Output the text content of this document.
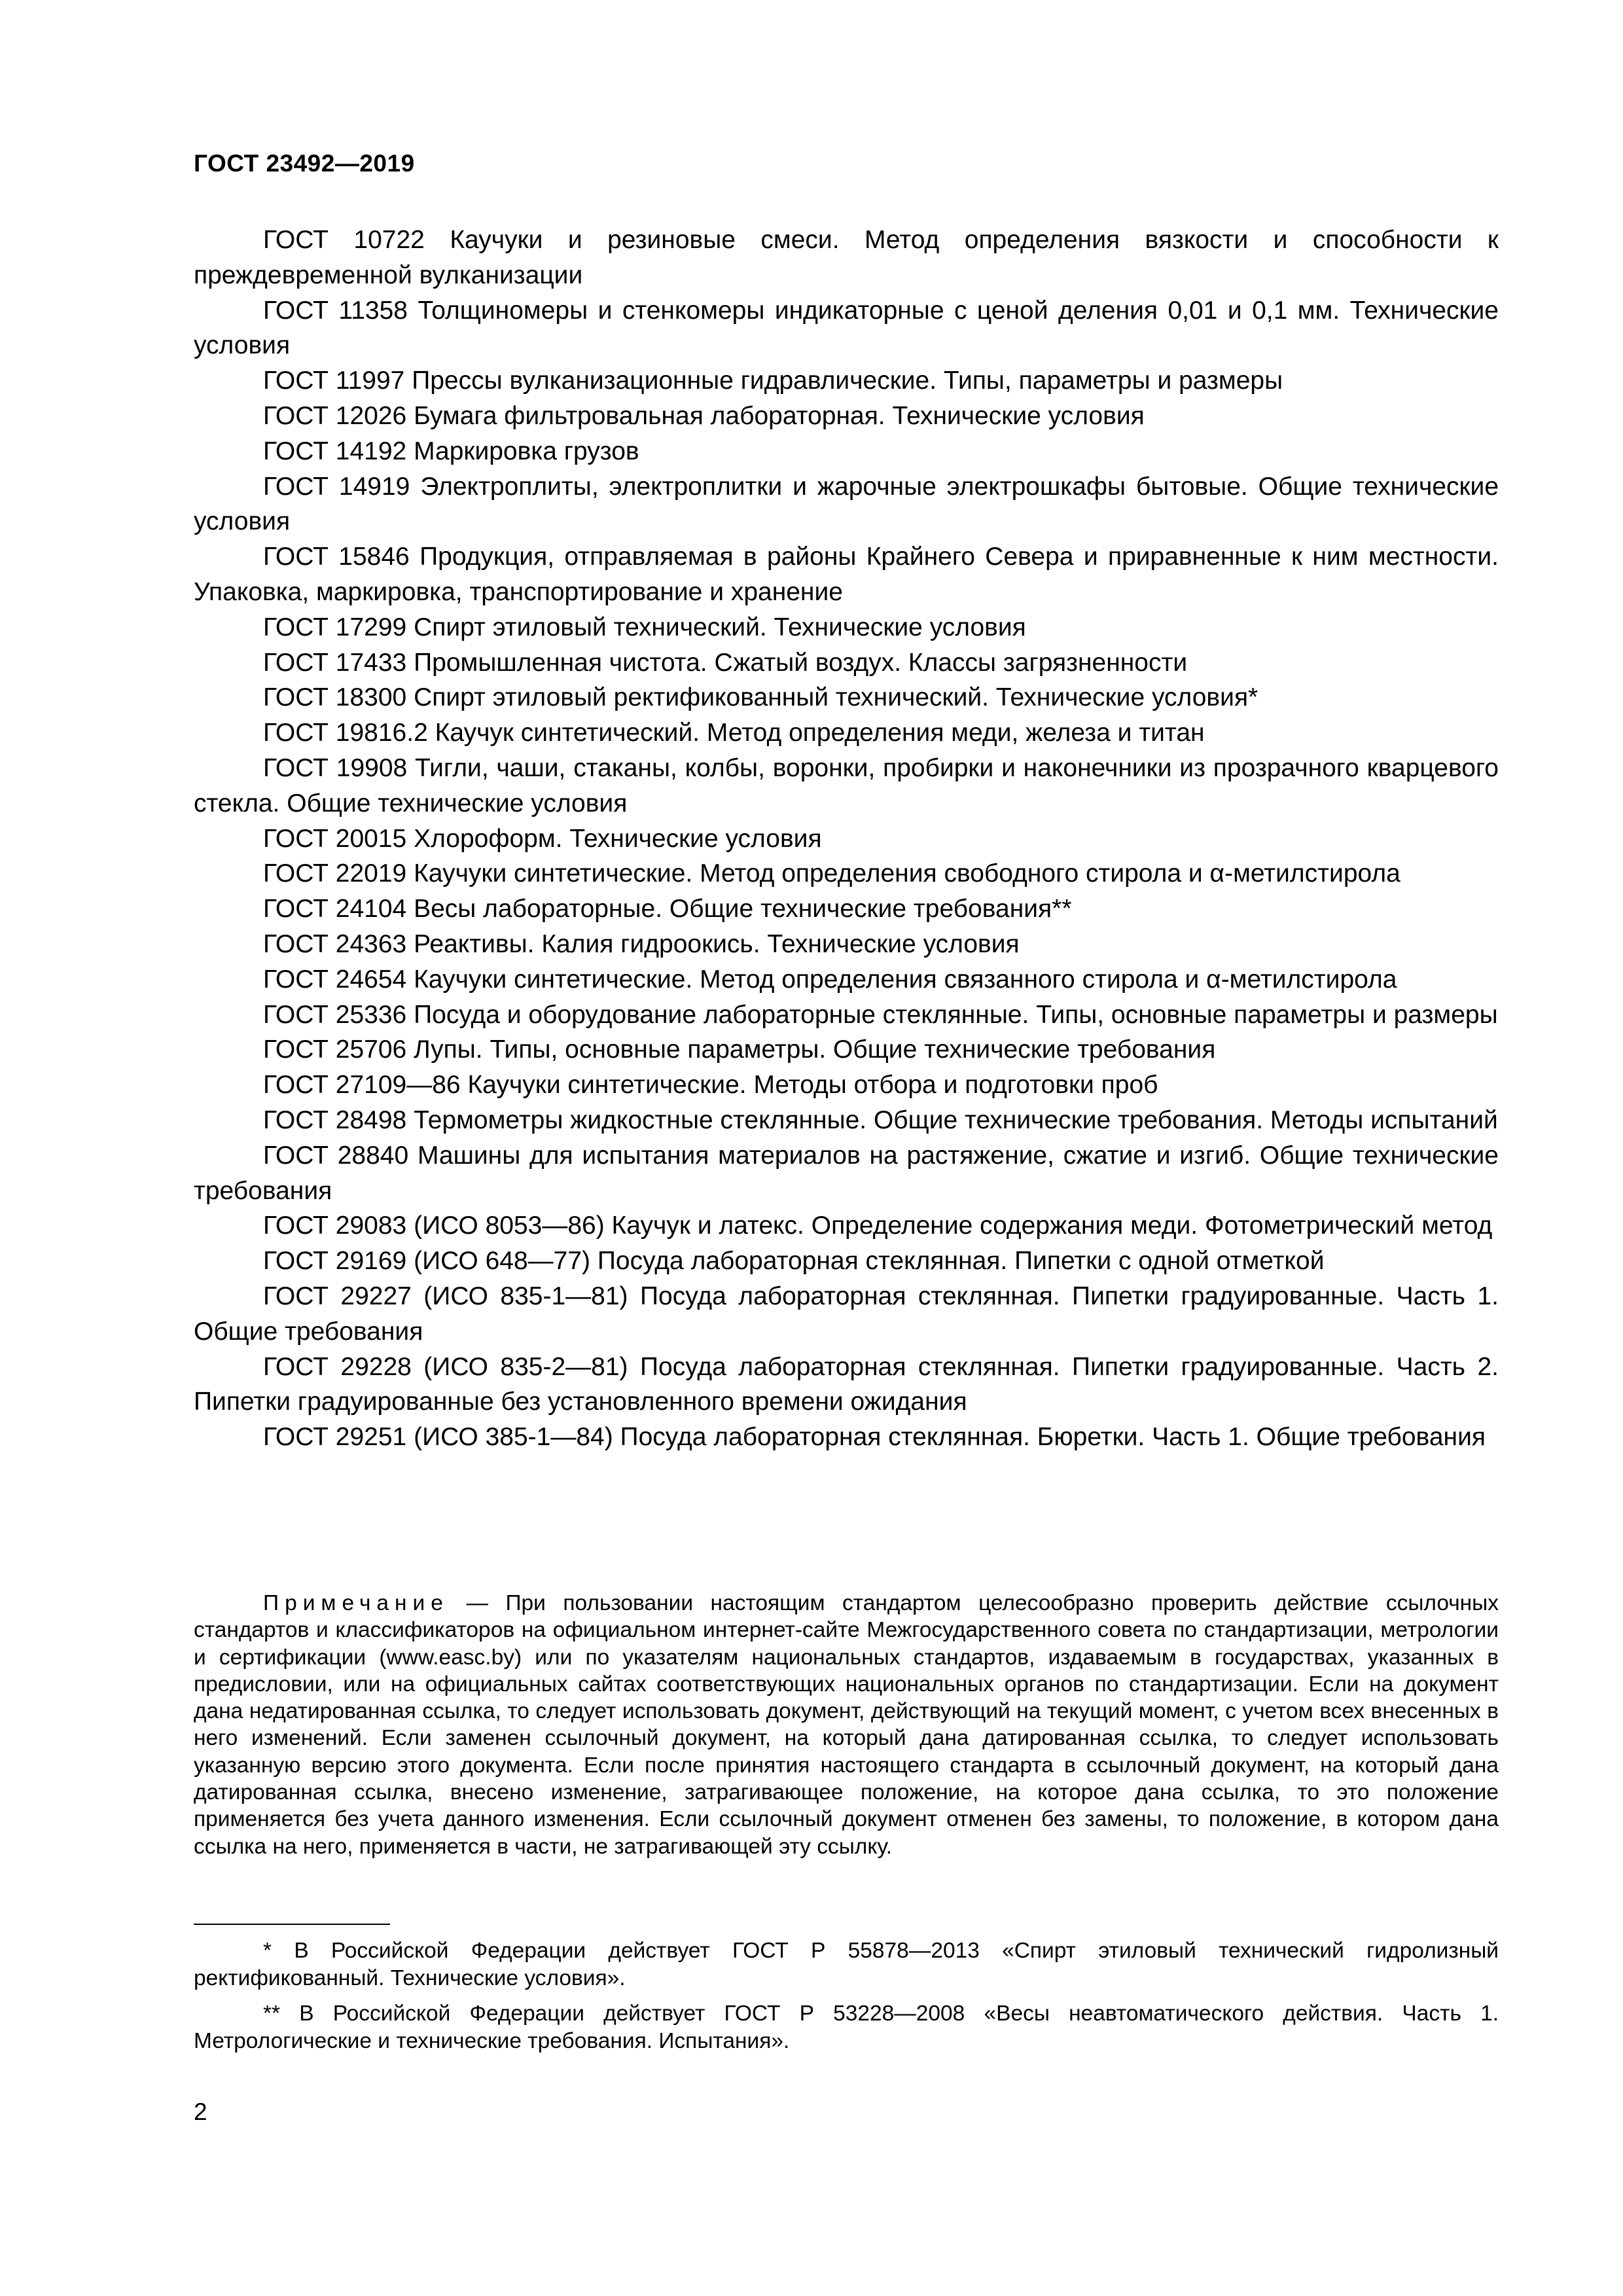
ГОСТ 23492—2019

ГОСТ 10722 Каучуки и резиновые смеси. Метод определения вязкости и способности к преждевременной вулканизации

ГОСТ 11358 Толщиномеры и стенкомеры индикаторные с ценой деления 0,01 и 0,1 мм. Технические условия

ГОСТ 11997 Прессы вулканизационные гидравлические. Типы, параметры и размеры

ГОСТ 12026 Бумага фильтровальная лабораторная. Технические условия

ГОСТ 14192 Маркировка грузов

ГОСТ 14919 Электроплиты, электроплитки и жарочные электрошкафы бытовые. Общие технические условия

ГОСТ 15846 Продукция, отправляемая в районы Крайнего Севера и приравненные к ним местности. Упаковка, маркировка, транспортирование и хранение

ГОСТ 17299 Спирт этиловый технический. Технические условия

ГОСТ 17433 Промышленная чистота. Сжатый воздух. Классы загрязненности

ГОСТ 18300 Спирт этиловый ректификованный технический. Технические условия*

ГОСТ 19816.2 Каучук синтетический. Метод определения меди, железа и титан

ГОСТ 19908 Тигли, чаши, стаканы, колбы, воронки, пробирки и наконечники из прозрачного кварцевого стекла. Общие технические условия

ГОСТ 20015 Хлороформ. Технические условия

ГОСТ 22019 Каучуки синтетические. Метод определения свободного стирола и α-метилстирола

ГОСТ 24104 Весы лабораторные. Общие технические требования**

ГОСТ 24363 Реактивы. Калия гидроокись. Технические условия

ГОСТ 24654 Каучуки синтетические. Метод определения связанного стирола и α-метилстирола

ГОСТ 25336 Посуда и оборудование лабораторные стеклянные. Типы, основные параметры и размеры

ГОСТ 25706 Лупы. Типы, основные параметры. Общие технические требования

ГОСТ 27109—86 Каучуки синтетические. Методы отбора и подготовки проб

ГОСТ 28498 Термометры жидкостные стеклянные. Общие технические требования. Методы испытаний

ГОСТ 28840 Машины для испытания материалов на растяжение, сжатие и изгиб. Общие технические требования

ГОСТ 29083 (ИСО 8053—86) Каучук и латекс. Определение содержания меди. Фотометрический метод

ГОСТ 29169 (ИСО 648—77) Посуда лабораторная стеклянная. Пипетки с одной отметкой

ГОСТ 29227 (ИСО 835-1—81) Посуда лабораторная стеклянная. Пипетки градуированные. Часть 1. Общие требования

ГОСТ 29228 (ИСО 835-2—81) Посуда лабораторная стеклянная. Пипетки градуированные. Часть 2. Пипетки градуированные без установленного времени ожидания

ГОСТ 29251 (ИСО 385-1—84) Посуда лабораторная стеклянная. Бюретки. Часть 1. Общие требования

Примечание — При пользовании настоящим стандартом целесообразно проверить действие ссылочных стандартов и классификаторов на официальном интернет-сайте Межгосударственного совета по стандартизации, метрологии и сертификации (www.easc.by) или по указателям национальных стандартов, издаваемым в государствах, указанных в предисловии, или на официальных сайтах соответствующих национальных органов по стандартизации. Если на документ дана недатированная ссылка, то следует использовать документ, действующий на текущий момент, с учетом всех внесенных в него изменений. Если заменен ссылочный документ, на который дана датированная ссылка, то следует использовать указанную версию этого документа. Если после принятия настоящего стандарта в ссылочный документ, на который дана датированная ссылка, внесено изменение, затрагивающее положение, на которое дана ссылка, то это положение применяется без учета данного изменения. Если ссылочный документ отменен без замены, то положение, в котором дана ссылка на него, применяется в части, не затрагивающей эту ссылку.

* В Российской Федерации действует ГОСТ Р 55878—2013 «Спирт этиловый технический гидролизный ректификованный. Технические условия».

** В Российской Федерации действует ГОСТ Р 53228—2008 «Весы неавтоматического действия. Часть 1. Метрологические и технические требования. Испытания».

2
